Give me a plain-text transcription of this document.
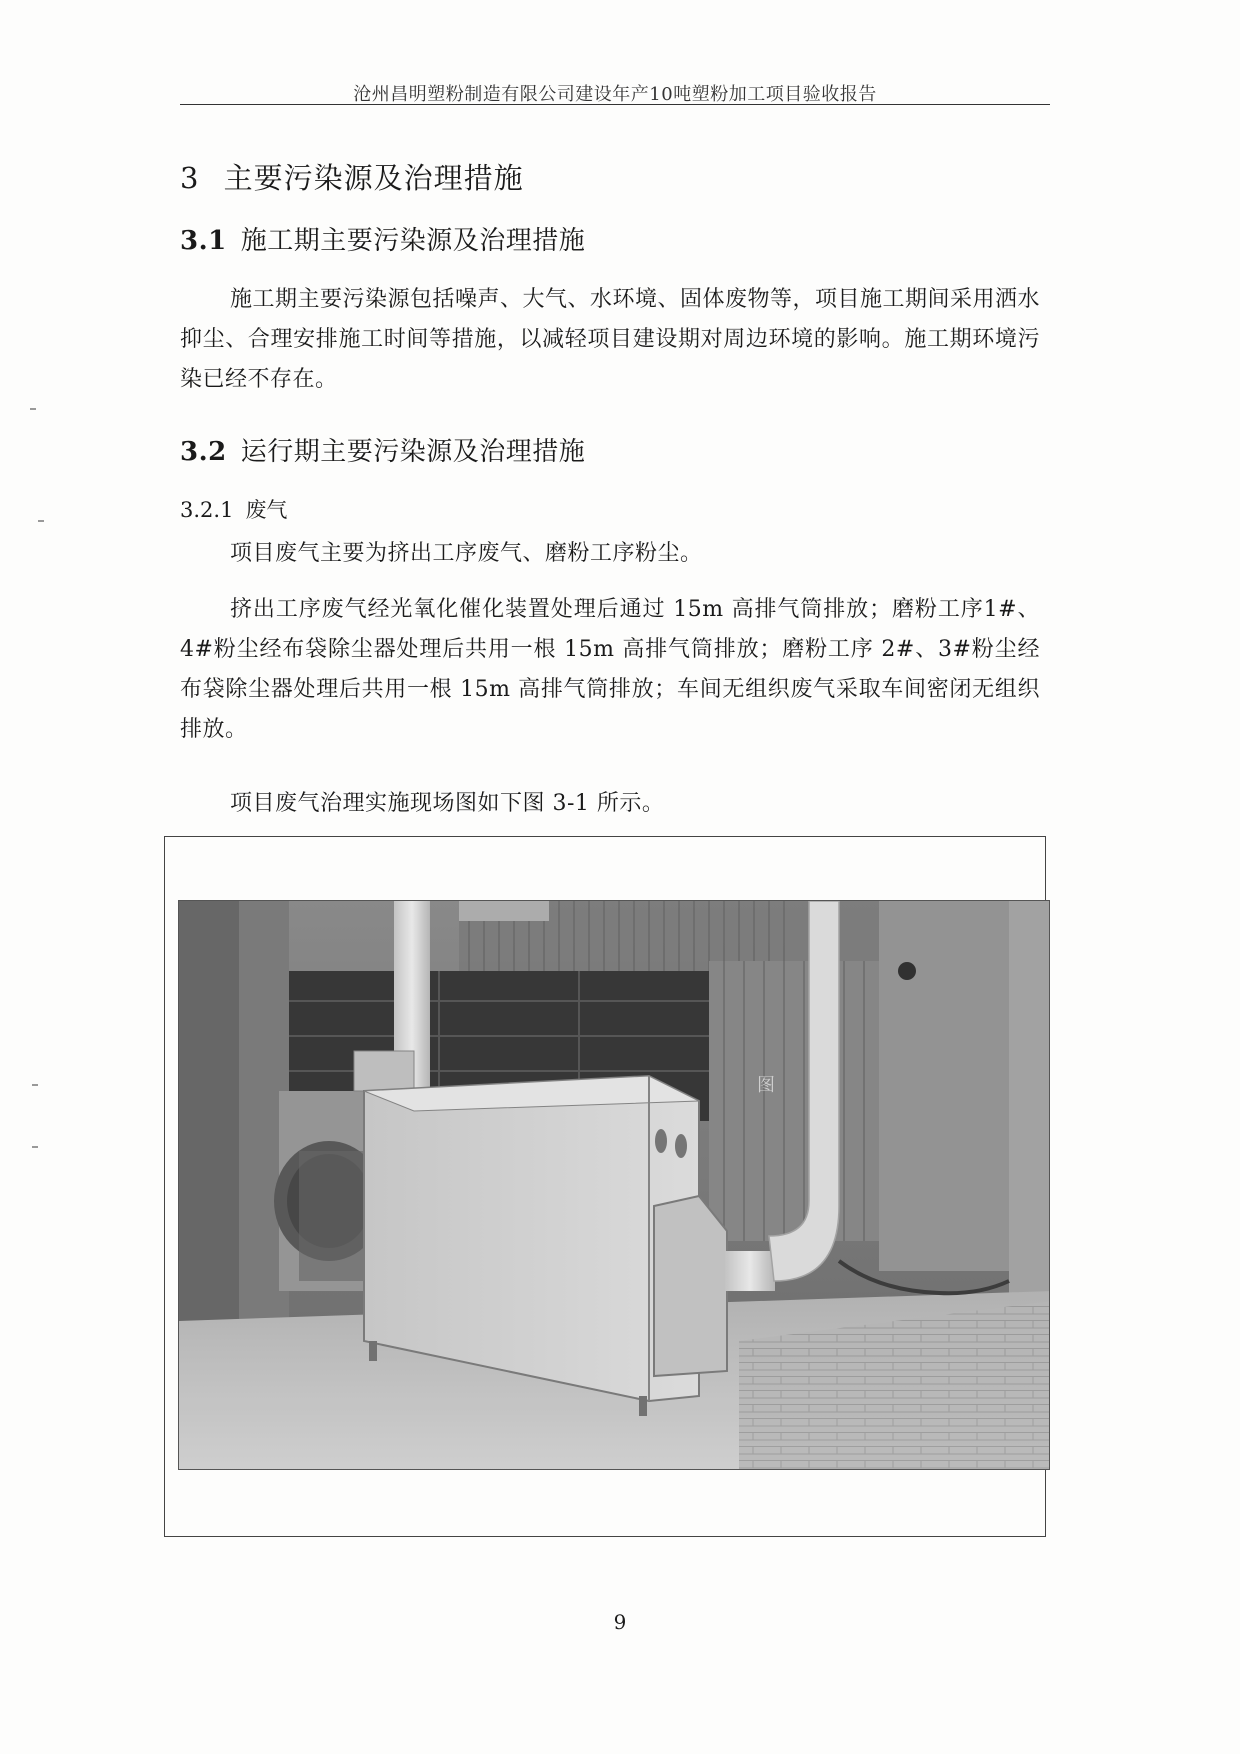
沧州昌明塑粉制造有限公司建设年产10吨塑粉加工项目验收报告
3 主要污染源及治理措施
3.1 施工期主要污染源及治理措施
施工期主要污染源包括噪声、大气、水环境、固体废物等，项目施工期间采用洒水抑尘、合理安排施工时间等措施，以减轻项目建设期对周边环境的影响。施工期环境污染已经不存在。
3.2 运行期主要污染源及治理措施
3.2.1 废气
项目废气主要为挤出工序废气、磨粉工序粉尘。
挤出工序废气经光氧化催化装置处理后通过 15m 高排气筒排放；磨粉工序1#、4#粉尘经布袋除尘器处理后共用一根 15m 高排气筒排放；磨粉工序 2#、3#粉尘经布袋除尘器处理后共用一根 15m 高排气筒排放；车间无组织废气采取车间密闭无组织排放。
项目废气治理实施现场图如下图 3-1 所示。
图
9
